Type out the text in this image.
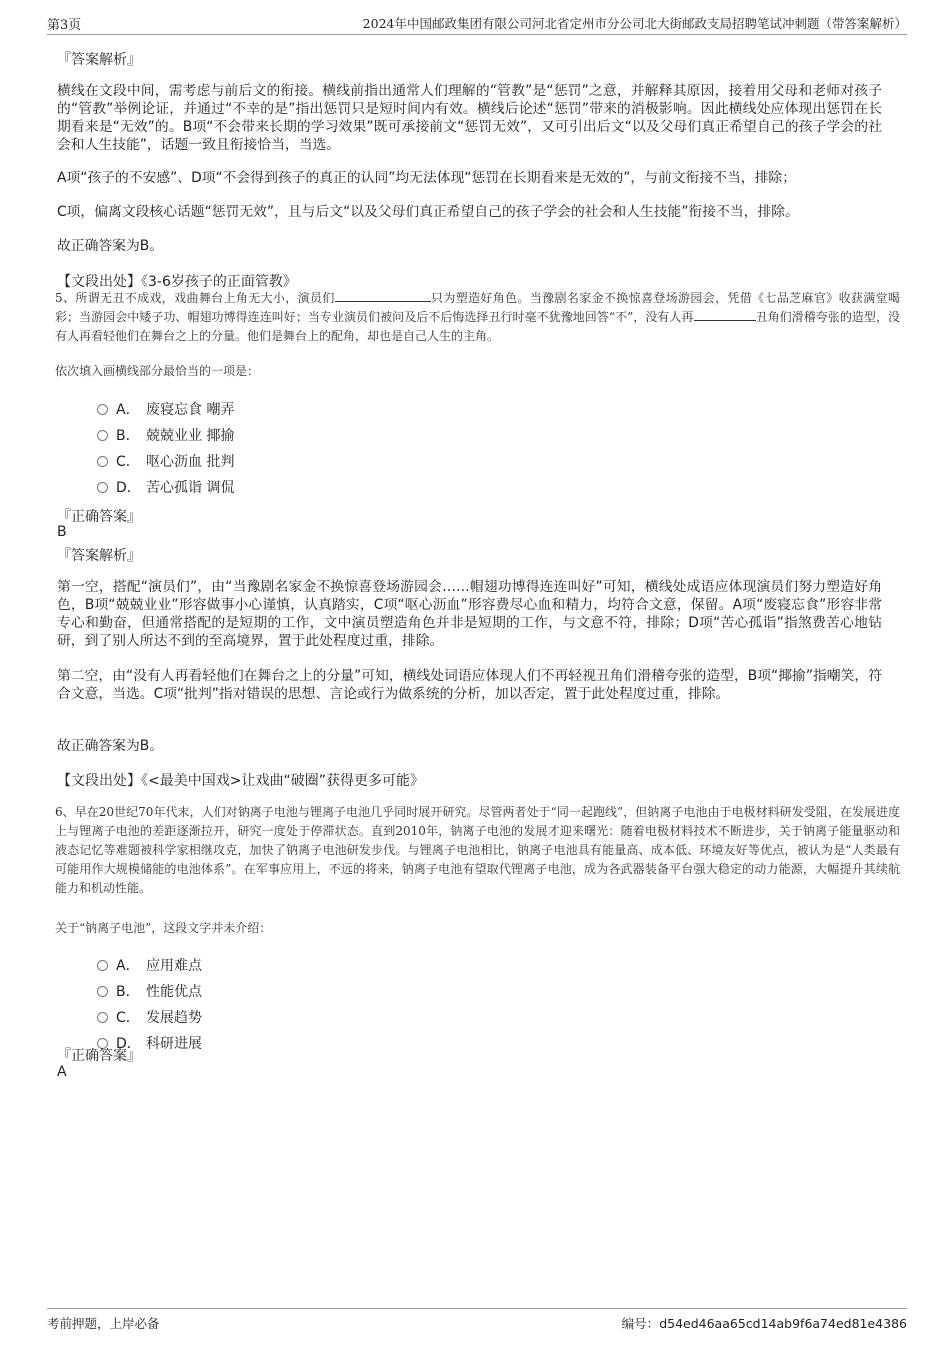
第3页	2024年中国邮政集团有限公司河北省定州市分公司北大街邮政支局招聘笔试冲刺题（带答案解析）
『答案解析』
横线在文段中间，需考虑与前后文的衔接。横线前指出通常人们理解的“管教”是“惩罚”之意，并解释其原因，接着用父母和老师对孩子的“管教”举例论证，并通过“不幸的是”指出惩罚只是短时间内有效。横线后论述“惩罚”带来的消极影响。因此横线处应体现出惩罚在长期看来是“无效”的。B项“不会带来长期的学习效果”既可承接前文“惩罚无效”，又可引出后文“以及父母们真正希望自己的孩子学会的社会和人生技能”，话题一致且衔接恰当，当选。
A项“孩子的不安感”、D项“不会得到孩子的真正的认同”均无法体现“惩罚在长期看来是无效的”，与前文衔接不当，排除；
C项，偏离文段核心话题“惩罚无效”，且与后文“以及父母们真正希望自己的孩子学会的社会和人生技能”衔接不当，排除。
故正确答案为B。
【文段出处】《3-6岁孩子的正面管教》
5、所谓无丑不成戏，戏曲舞台上角无大小，演员们	只为塑造好角色。当豫剧名家金不换惊喜登场游园会，凭借《七品芝麻官》收获满堂喝彩；当游园会中矮子功、帽翅功博得连连叫好；当专业演员们被问及后不后悔选择丑行时毫不犹豫地回答“不”，没有人再	丑角们滑稽夸张的造型，没有人再看轻他们在舞台之上的分量。他们是舞台上的配角，却也是自己人生的主角。
依次填入画横线部分最恰当的一项是：
A． 废寝忘食 嘲弄
B． 兢兢业业 揶揄
C． 呕心沥血 批判
D． 苦心孤诣 调侃
『正确答案』
B
『答案解析』
第一空，搭配“演员们”，由“当豫剧名家金不换惊喜登场游园会……帽翅功博得连连叫好”可知，横线处成语应体现演员们努力塑造好角色，B项“兢兢业业”形容做事小心谨慎，认真踏实，C项“呕心沥血”形容费尽心血和精力，均符合文意，保留。A项“废寝忘食”形容非常专心和勤奋，但通常搭配的是短期的工作，文中演员塑造角色并非是短期的工作，与文意不符，排除；D项“苦心孤诣”指煞费苦心地钻研，到了别人所达不到的至高境界，置于此处程度过重，排除。
第二空，由“没有人再看轻他们在舞台之上的分量”可知，横线处词语应体现人们不再轻视丑角们滑稽夸张的造型，B项“揶揄”指嘲笑，符合文意，当选。C项“批判”指对错误的思想、言论或行为做系统的分析，加以否定，置于此处程度过重，排除。
故正确答案为B。
【文段出处】《<最美中国戏>让戏曲“破圈”获得更多可能》
6、早在20世纪70年代末，人们对钠离子电池与锂离子电池几乎同时展开研究。尽管两者处于“同一起跑线”，但钠离子电池由于电极材料研发受阻，在发展进度上与锂离子电池的差距逐渐拉开，研究一度处于停滞状态。直到2010年，钠离子电池的发展才迎来曙光：随着电极材料技术不断进步，关于钠离子能量驱动和液态记忆等难题被科学家相继攻克，加快了钠离子电池研发步伐。与锂离子电池相比，钠离子电池具有能量高、成本低、环境友好等优点，被认为是“人类最有可能用作大规模储能的电池体系”。在军事应用上，不远的将来，钠离子电池有望取代锂离子电池，成为各武器装备平台强大稳定的动力能源，大幅提升其续航能力和机动性能。
关于“钠离子电池”，这段文字并未介绍：
A． 应用难点
B． 性能优点
C． 发展趋势
D． 科研进展
『正确答案』
A
考前押题，上岸必备	编号：d54ed46aa65cd14ab9f6a74ed81e4386
